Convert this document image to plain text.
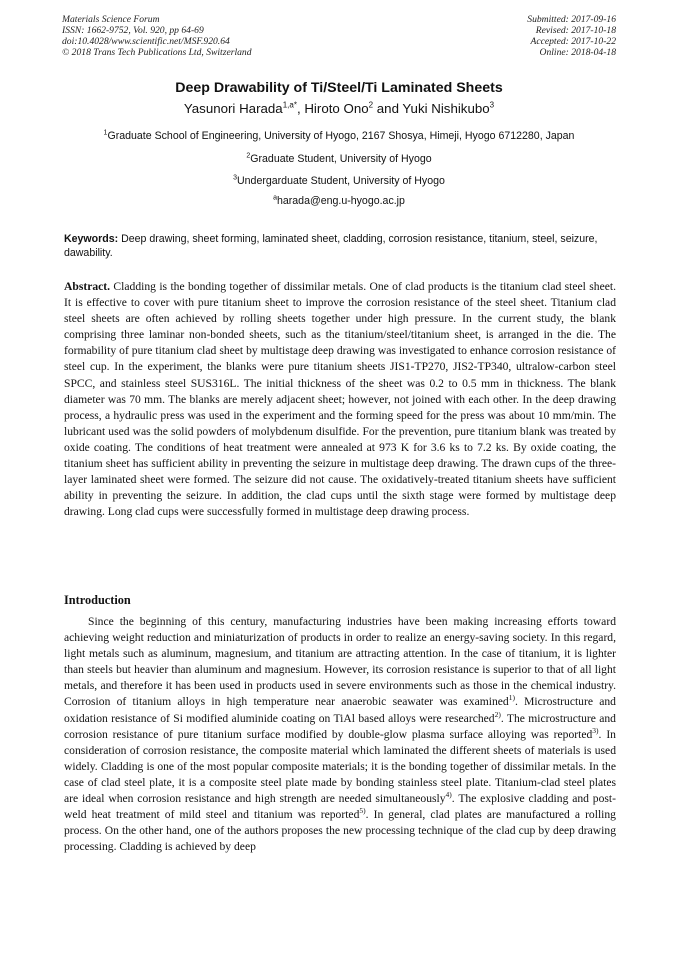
Materials Science Forum
ISSN: 1662-9752, Vol. 920, pp 64-69
doi:10.4028/www.scientific.net/MSF.920.64
© 2018 Trans Tech Publications Ltd, Switzerland
Submitted: 2017-09-16
Revised: 2017-10-18
Accepted: 2017-10-22
Online: 2018-04-18
Deep Drawability of Ti/Steel/Ti Laminated Sheets
Yasunori Harada$^{1,a*}$, Hiroto Ono$^2$ and Yuki Nishikubo$^3$
$^1$Graduate School of Engineering, University of Hyogo, 2167 Shosya, Himeji, Hyogo 6712280, Japan
$^2$Graduate Student, University of Hyogo
$^3$Undergarduate Student, University of Hyogo
$^a$harada@eng.u-hyogo.ac.jp
Keywords: Deep drawing, sheet forming, laminated sheet, cladding, corrosion resistance, titanium, steel, seizure, dawability.
Abstract. Cladding is the bonding together of dissimilar metals. One of clad products is the titanium clad steel sheet. It is effective to cover with pure titanium sheet to improve the corrosion resistance of the steel sheet. Titanium clad steel sheets are often achieved by rolling sheets together under high pressure. In the current study, the blank comprising three laminar non-bonded sheets, such as the titanium/steel/titanium sheet, is arranged in the die. The formability of pure titanium clad sheet by multistage deep drawing was investigated to enhance corrosion resistance of steel cup. In the experiment, the blanks were pure titanium sheets JIS1-TP270, JIS2-TP340, ultralow-carbon steel SPCC, and stainless steel SUS316L. The initial thickness of the sheet was 0.2 to 0.5 mm in thickness. The blank diameter was 70 mm. The blanks are merely adjacent sheet; however, not joined with each other. In the deep drawing process, a hydraulic press was used in the experiment and the forming speed for the press was about 10 mm/min. The lubricant used was the solid powders of molybdenum disulfide. For the prevention, pure titanium blank was treated by oxide coating. The conditions of heat treatment were annealed at 973 K for 3.6 ks to 7.2 ks. By oxide coating, the titanium sheet has sufficient ability in preventing the seizure in multistage deep drawing. The drawn cups of the three-layer laminated sheet were formed. The seizure did not cause. The oxidatively-treated titanium sheets have sufficient ability in preventing the seizure. In addition, the clad cups until the sixth stage were formed by multistage deep drawing. Long clad cups were successfully formed in multistage deep drawing process.
Introduction
Since the beginning of this century, manufacturing industries have been making increasing efforts toward achieving weight reduction and miniaturization of products in order to realize an energy-saving society. In this regard, light metals such as aluminum, magnesium, and titanium are attracting attention. In the case of titanium, it is lighter than steels but heavier than aluminum and magnesium. However, its corrosion resistance is superior to that of all light metals, and therefore it has been used in products used in severe environments such as those in the chemical industry. Corrosion of titanium alloys in high temperature near anaerobic seawater was examined$^{1)}$. Microstructure and oxidation resistance of Si modified aluminide coating on TiAl based alloys were researched$^{2)}$. The microstructure and corrosion resistance of pure titanium surface modified by double-glow plasma surface alloying was reported$^{3)}$. In consideration of corrosion resistance, the composite material which laminated the different sheets of materials is used widely. Cladding is one of the most popular composite materials; it is the bonding together of dissimilar metals. In the case of clad steel plate, it is a composite steel plate made by bonding stainless steel plate. Titanium-clad steel plates are ideal when corrosion resistance and high strength are needed simultaneously$^{4)}$. The explosive cladding and post-weld heat treatment of mild steel and titanium was reported$^{5)}$. In general, clad plates are manufactured a rolling process. On the other hand, one of the authors proposes the new processing technique of the clad cup by deep drawing processing. Cladding is achieved by deep
